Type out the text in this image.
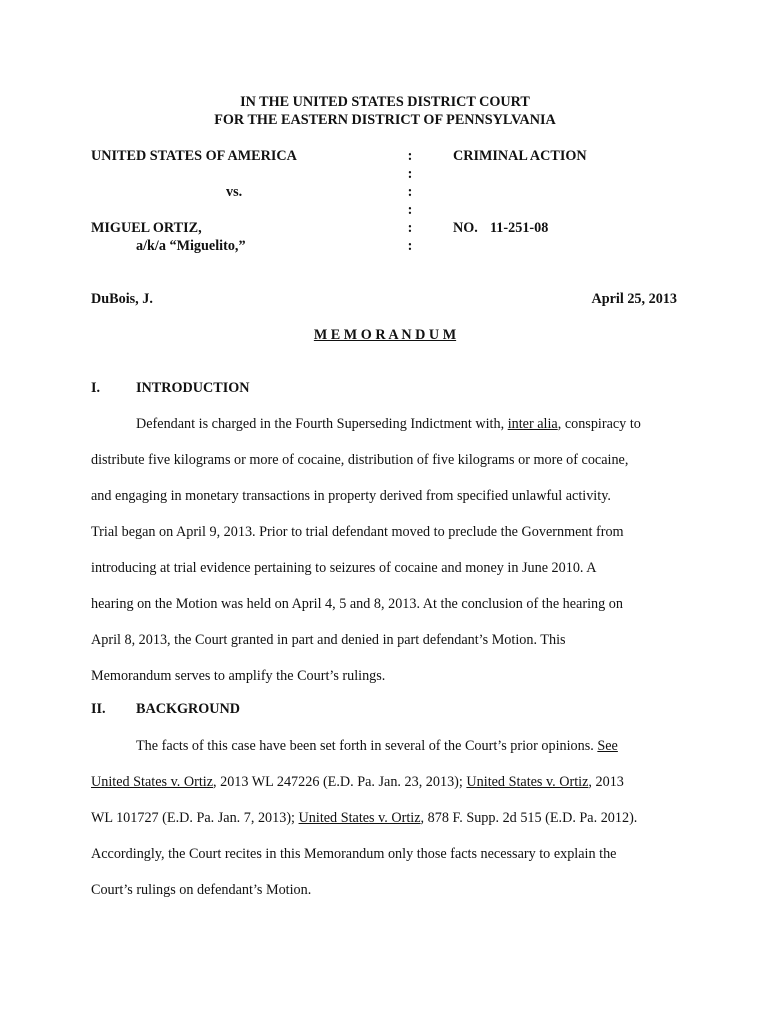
IN THE UNITED STATES DISTRICT COURT
FOR THE EASTERN DISTRICT OF PENNSYLVANIA
UNITED STATES OF AMERICA
vs.
MIGUEL ORTIZ,
a/k/a “Miguelito,”
:
:
:
:
:
:
CRIMINAL ACTION
NO. 11-251-08
DuBois, J.	April 25, 2013
M E M O R A N D U M
I.	INTRODUCTION
Defendant is charged in the Fourth Superseding Indictment with, inter alia, conspiracy to
distribute five kilograms or more of cocaine, distribution of five kilograms or more of cocaine,
and engaging in monetary transactions in property derived from specified unlawful activity.
Trial began on April 9, 2013. Prior to trial defendant moved to preclude the Government from
introducing at trial evidence pertaining to seizures of cocaine and money in June 2010. A
hearing on the Motion was held on April 4, 5 and 8, 2013. At the conclusion of the hearing on
April 8, 2013, the Court granted in part and denied in part defendant’s Motion. This
Memorandum serves to amplify the Court’s rulings.
II. BACKGROUND
The facts of this case have been set forth in several of the Court’s prior opinions. See
United States v. Ortiz, 2013 WL 247226 (E.D. Pa. Jan. 23, 2013); United States v. Ortiz, 2013
WL 101727 (E.D. Pa. Jan. 7, 2013); United States v. Ortiz, 878 F. Supp. 2d 515 (E.D. Pa. 2012).
Accordingly, the Court recites in this Memorandum only those facts necessary to explain the
Court’s rulings on defendant’s Motion.
